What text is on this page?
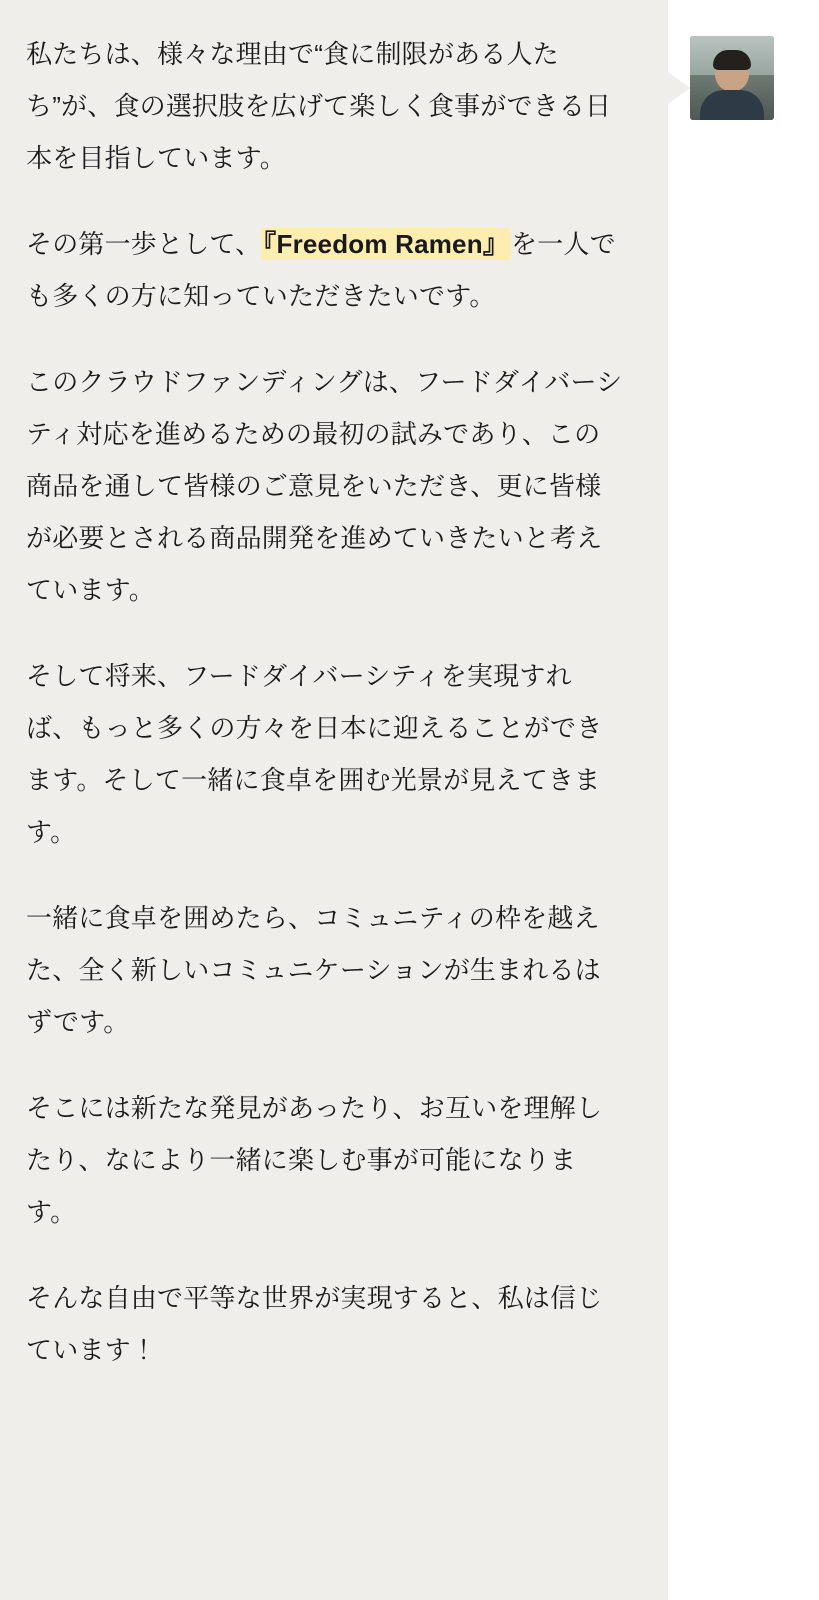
私たちは、様々な理由で“食に制限がある人たち”が、食の選択肢を広げて楽しく食事ができる日本を目指しています。

その第一歩として、『Freedom Ramen』を一人でも多くの方に知っていただきたいです。

このクラウドファンディングは、フードダイバーシティ対応を進めるための最初の試みであり、この商品を通して皆様のご意見をいただき、更に皆様が必要とされる商品開発を進めていきたいと考えています。

そして将来、フードダイバーシティを実現すれば、もっと多くの方々を日本に迎えることができます。そして一緒に食卓を囲む光景が見えてきます。

一緒に食卓を囲めたら、コミュニティの枠を越えた、全く新しいコミュニケーションが生まれるはずです。

そこには新たな発見があったり、お互いを理解したり、なにより一緒に楽しむ事が可能になります。

そんな自由で平等な世界が実現すると、私は信じています！
